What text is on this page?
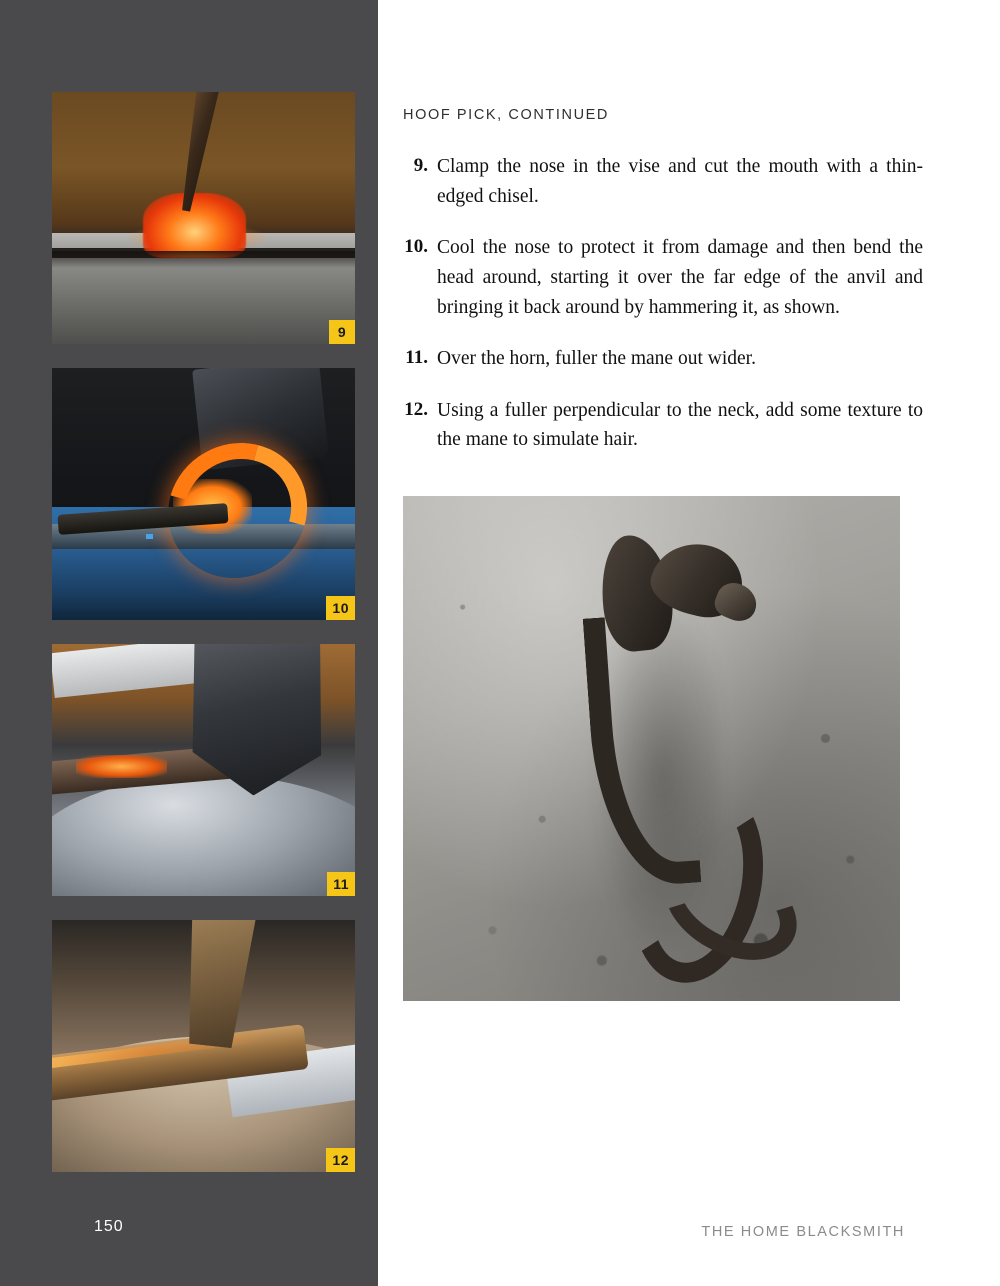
9
10
11
12
150
HOOF PICK, CONTINUED
9. Clamp the nose in the vise and cut the mouth with a thin-edged chisel.
10. Cool the nose to protect it from damage and then bend the head around, starting it over the far edge of the anvil and bringing it back around by hammering it, as shown.
11. Over the horn, fuller the mane out wider.
12. Using a fuller perpendicular to the neck, add some texture to the mane to simulate hair.
THE HOME BLACKSMITH
